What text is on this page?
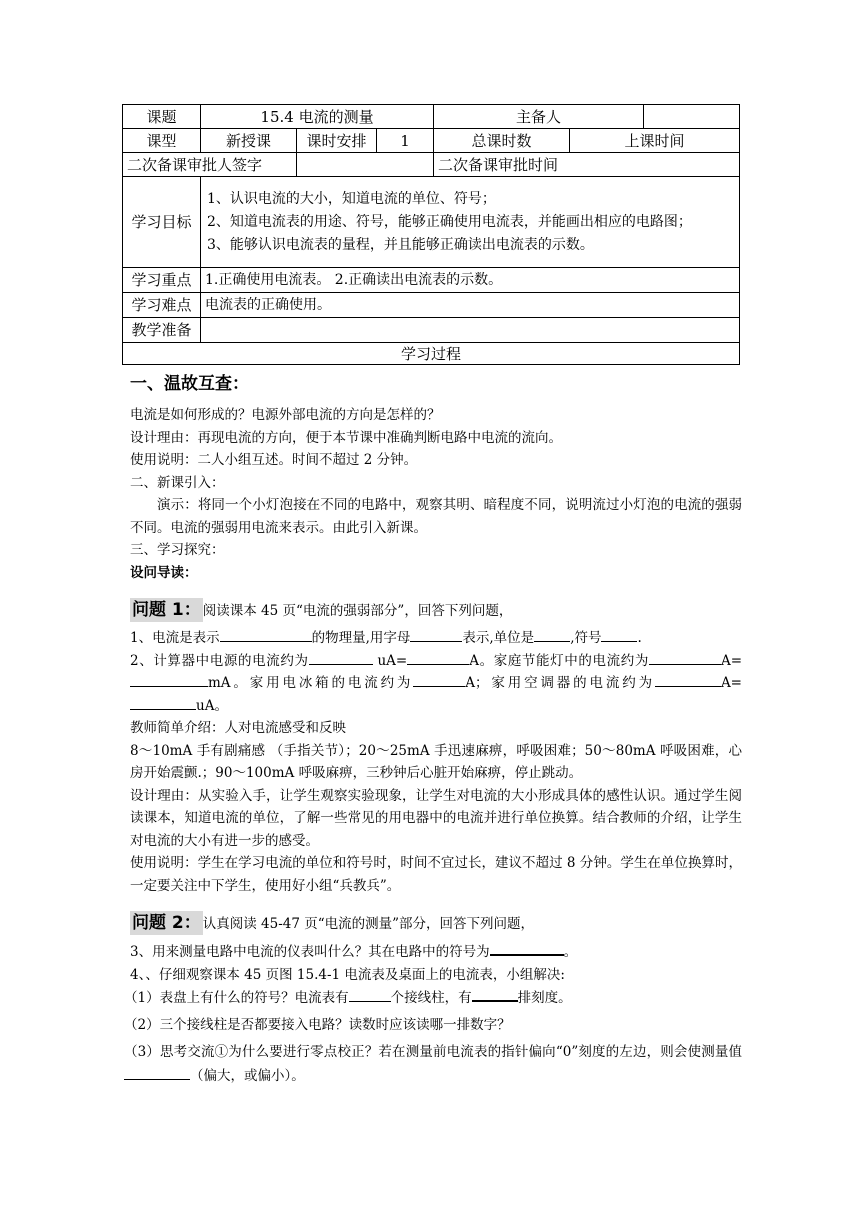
课题	15.4 电流的测量			主备人		
课型	新授课	课时安排	1	总课时数	上课时间	
二次备课审批人签字				二次备课审批时间		
学习目标	1、认识电流的大小，知道电流的单位、符号；
2、知道电流表的用途、符号，能够正确使用电流表，并能画出相应的电路图；
3、能够认识电流表的量程，并且能够正确读出电流表的示数。					

学习重点	1.正确使用电流表。 2.正确读出电流表的示数。					
学习难点	电流表的正确使用。					
教学准备						
学习过程						
一、温故互查：

电流是如何形成的？电源外部电流的方向是怎样的？

设计理由：再现电流的方向，便于本节课中准确判断电路中电流的流向。

使用说明：二人小组互述。时间不超过 2 分钟。

二、新课引入：

演示：将同一个小灯泡接在不同的电路中，观察其明、暗程度不同，说明流过小灯泡的电流的强弱不同。电流的强弱用电流来表示。由此引入新课。

三、学习探究：

设问导读：

问题 1： 阅读课本 45 页“电流的强弱部分”，回答下列问题，

1、电流是表示	的物理量,用字母	表示,单位是	,符号	.

2、计算器中电源的电流约为	uA=	A。家庭节能灯中的电流约为	A=mA。家用电冰箱的电流约为	A；家用空调器的电流约为	A=uA。

教师简单介绍：人对电流感受和反映

8～10mA 手有剧痛感 （手指关节）；20～25mA 手迅速麻痹，呼吸困难；50～80mA 呼吸困难，心房开始震颤.；90～100mA 呼吸麻痹，三秒钟后心脏开始麻痹，停止跳动。

设计理由：从实验入手，让学生观察实验现象，让学生对电流的大小形成具体的感性认识。通过学生阅读课本，知道电流的单位，了解一些常见的用电器中的电流并进行单位换算。结合教师的介绍，让学生对电流的大小有进一步的感受。

使用说明：学生在学习电流的单位和符号时，时间不宜过长，建议不超过 8 分钟。学生在单位换算时，一定要关注中下学生，使用好小组“兵教兵”。

问题 2： 认真阅读 45-47 页“电流的测量”部分，回答下列问题，

3、用来测量电路中电流的仪表叫什么？其在电路中的符号为	。

4、、仔细观察课本 45 页图 15.4-1 电流表及桌面上的电流表，小组解决:

（1）表盘上有什么的符号？电流表有	个接线柱，有	排刻度。

（2）三个接线柱是否都要接入电路？读数时应该读哪一排数字？

（3）思考交流①为什么要进行零点校正？若在测量前电流表的指针偏向“0”刻度的左边，则会使测量值（偏大，或偏小）。
